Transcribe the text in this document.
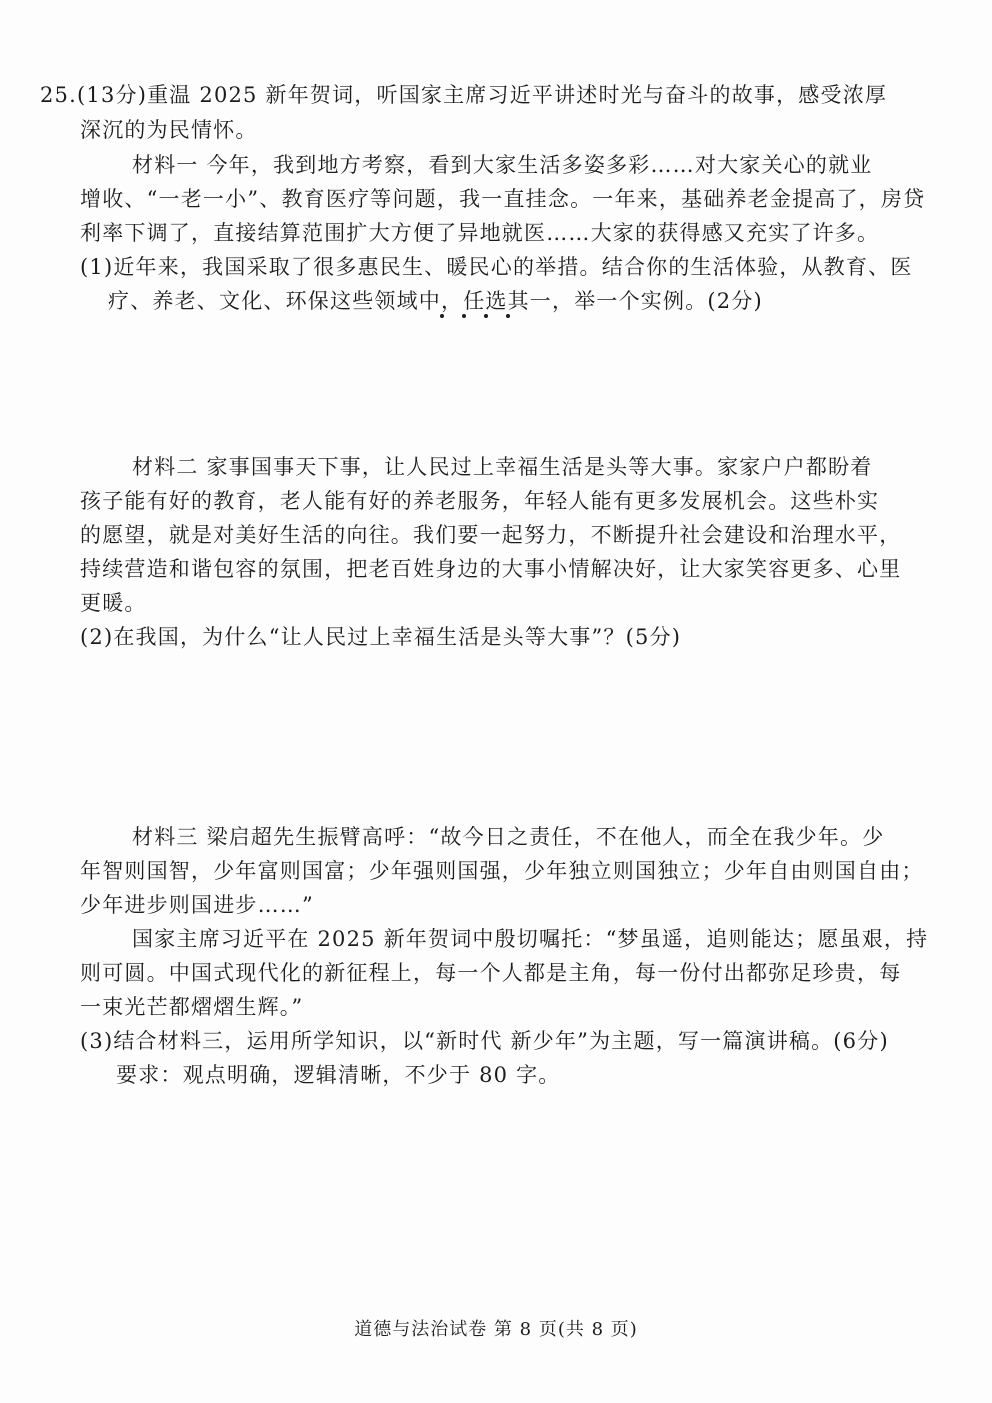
25.(13分)重温 2025 新年贺词，听国家主席习近平讲述时光与奋斗的故事，感受浓厚
深沉的为民情怀。
材料一 今年，我到地方考察，看到大家生活多姿多彩……对大家关心的就业
增收、“一老一小”、教育医疗等问题，我一直挂念。一年来，基础养老金提高了，房贷
利率下调了，直接结算范围扩大方便了异地就医……大家的获得感又充实了许多。
(1)近年来，我国采取了很多惠民生、暖民心的举措。结合你的生活体验，从教育、医
疗、养老、文化、环保这些领域中，任选其一，举一个实例。(2分)
材料二 家事国事天下事，让人民过上幸福生活是头等大事。家家户户都盼着
孩子能有好的教育，老人能有好的养老服务，年轻人能有更多发展机会。这些朴实
的愿望，就是对美好生活的向往。我们要一起努力，不断提升社会建设和治理水平，
持续营造和谐包容的氛围，把老百姓身边的大事小情解决好，让大家笑容更多、心里
更暖。
(2)在我国，为什么“让人民过上幸福生活是头等大事”？(5分)
材料三 梁启超先生振臂高呼：“故今日之责任，不在他人，而全在我少年。少
年智则国智，少年富则国富；少年强则国强，少年独立则国独立；少年自由则国自由；
少年进步则国进步……”
国家主席习近平在 2025 新年贺词中殷切嘱托：“梦虽遥，追则能达；愿虽艰，持
则可圆。中国式现代化的新征程上，每一个人都是主角，每一份付出都弥足珍贵，每
一束光芒都熠熠生辉。”
(3)结合材料三，运用所学知识，以“新时代 新少年”为主题，写一篇演讲稿。(6分)
要求：观点明确，逻辑清晰，不少于 80 字。
道德与法治试卷 第 8 页(共 8 页)
